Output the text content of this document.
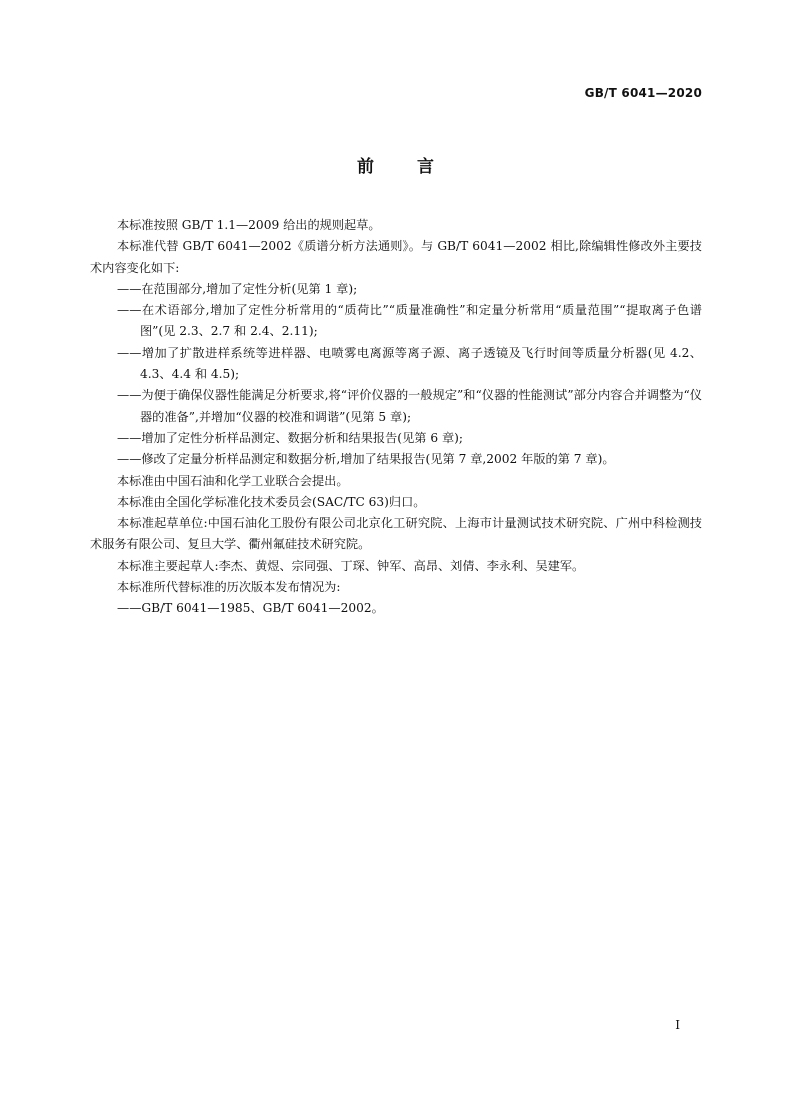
GB/T 6041—2020
前 言

本标准按照 GB/T 1.1—2009 给出的规则起草。

本标准代替 GB/T 6041—2002《质谱分析方法通则》。与 GB/T 6041—2002 相比,除编辑性修改外主要技术内容变化如下:

——在范围部分,增加了定性分析(见第 1 章);

——在术语部分,增加了定性分析常用的“质荷比”“质量准确性”和定量分析常用“质量范围”“提取离子色谱图”(见 2.3、2.7 和 2.4、2.11);

——增加了扩散进样系统等进样器、电喷雾电离源等离子源、离子透镜及飞行时间等质量分析器(见 4.2、4.3、4.4 和 4.5);

——为便于确保仪器性能满足分析要求,将“评价仪器的一般规定”和“仪器的性能测试”部分内容合并调整为“仪器的准备”,并增加“仪器的校准和调谐”(见第 5 章);

——增加了定性分析样品测定、数据分析和结果报告(见第 6 章);

——修改了定量分析样品测定和数据分析,增加了结果报告(见第 7 章,2002 年版的第 7 章)。

本标准由中国石油和化学工业联合会提出。

本标准由全国化学标准化技术委员会(SAC/TC 63)归口。

本标准起草单位:中国石油化工股份有限公司北京化工研究院、上海市计量测试技术研究院、广州中科检测技术服务有限公司、复旦大学、衢州氟硅技术研究院。

本标准主要起草人:李杰、黄煜、宗同强、丁琛、钟军、高昂、刘倩、李永利、吴建军。

本标准所代替标准的历次版本发布情况为:

——GB/T 6041—1985、GB/T 6041—2002。

I
